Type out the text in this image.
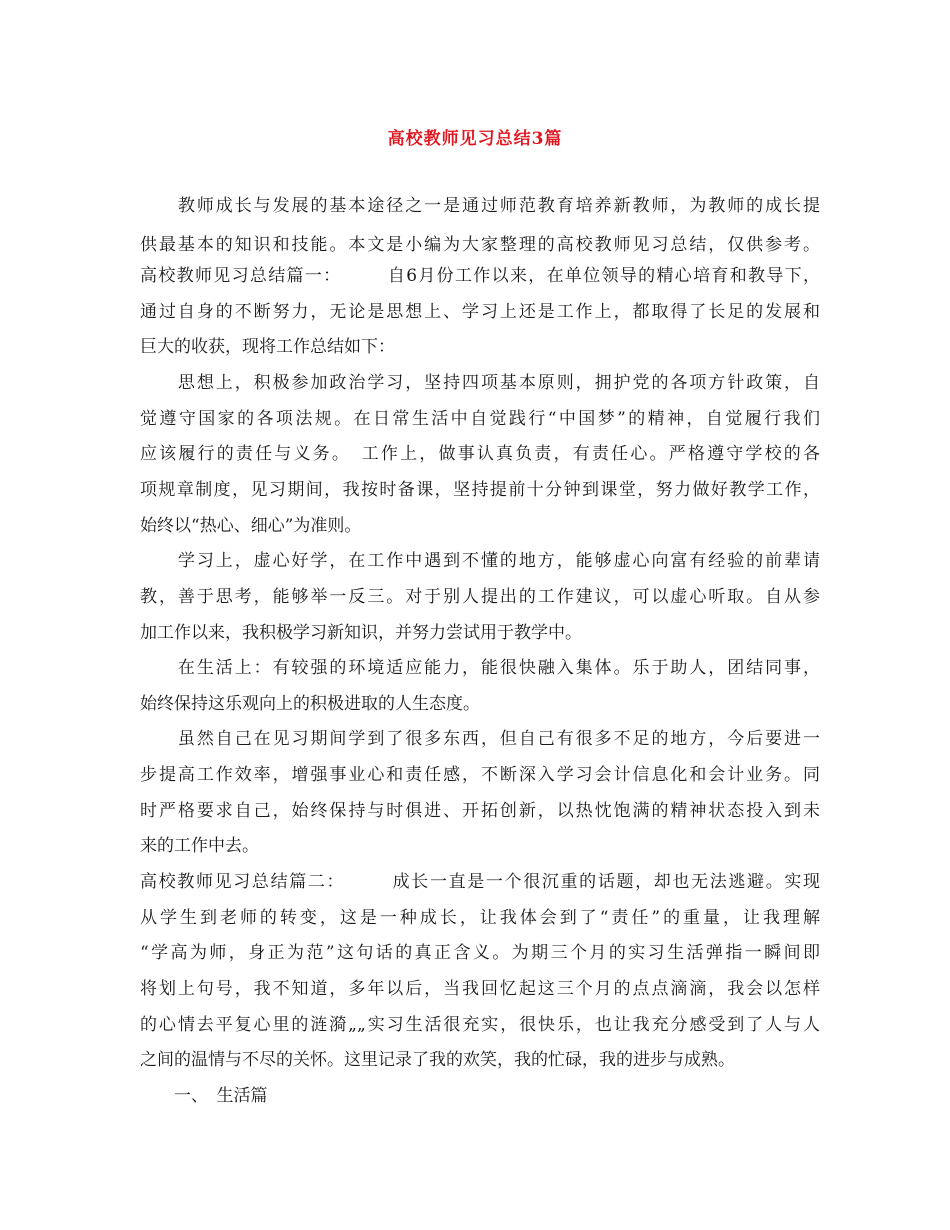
高校教师见习总结3篇
　　教师成长与发展的基本途径之一是通过师范教育培养新教师，为教师的成长提
供最基本的知识和技能。本文是小编为大家整理的高校教师见习总结，仅供参考。
高校教师见习总结篇一：　　　自6月份工作以来，在单位领导的精心培育和教导下，
通过自身的不断努力，无论是思想上、学习上还是工作上，都取得了长足的发展和
巨大的收获，现将工作总结如下：
　　思想上，积极参加政治学习，坚持四项基本原则，拥护党的各项方针政策，自
觉遵守国家的各项法规。在日常生活中自觉践行“中国梦”的精神，自觉履行我们
应该履行的责任与义务。　工作上，做事认真负责，有责任心。严格遵守学校的各
项规章制度，见习期间，我按时备课，坚持提前十分钟到课堂，努力做好教学工作，
始终以“热心、细心”为准则。
　　学习上，虚心好学，在工作中遇到不懂的地方，能够虚心向富有经验的前辈请
教，善于思考，能够举一反三。对于别人提出的工作建议，可以虚心听取。自从参
加工作以来，我积极学习新知识，并努力尝试用于教学中。
　　在生活上：有较强的环境适应能力，能很快融入集体。乐于助人，团结同事，
始终保持这乐观向上的积极进取的人生态度。
　　虽然自己在见习期间学到了很多东西，但自己有很多不足的地方，今后要进一
步提高工作效率，增强事业心和责任感，不断深入学习会计信息化和会计业务。同
时严格要求自己，始终保持与时俱进、开拓创新，以热忱饱满的精神状态投入到未
来的工作中去。
高校教师见习总结篇二：　　　成长一直是一个很沉重的话题，却也无法逃避。实现
从学生到老师的转变，这是一种成长，让我体会到了“责任”的重量，让我理解
“学高为师，身正为范”这句话的真正含义。为期三个月的实习生活弹指一瞬间即
将划上句号，我不知道，多年以后，当我回忆起这三个月的点点滴滴，我会以怎样
的心情去平复心里的涟漪„„实习生活很充实，很快乐，也让我充分感受到了人与人
之间的温情与不尽的关怀。这里记录了我的欢笑，我的忙碌，我的进步与成熟。
　　一、　生活篇
